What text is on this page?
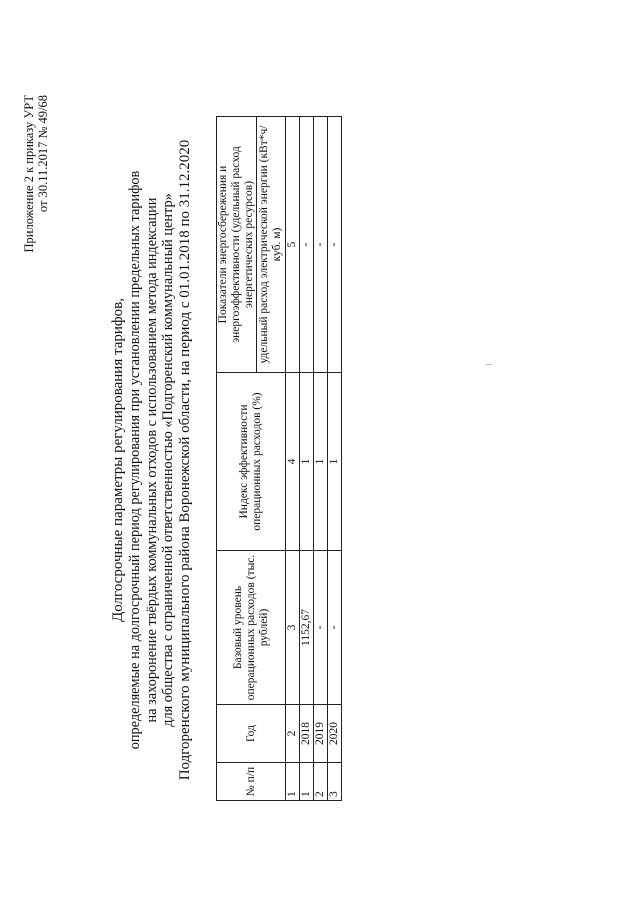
Приложение 2 к приказу УРТ от 30.11.2017 № 49/68
Долгосрочные параметры регулирования тарифов, определяемые на долгосрочный период регулирования при установлении предельных тарифов на захоронение твёрдых коммунальных отходов с использованием метода индексации для общества с ограниченной ответственностью «Подгоренский коммунальный центр» Подгоренского муниципального района Воронежской области, на период с 01.01.2018 по 31.12.2020
№ п/п	Год	Базовый уровень операционных расходов (тыс. рублей)	Индекс эффективности операционных расходов (%)	Показатели энергосбережения и энергоэффективности (удельный расход энергетических ресурсов)
				удельный расход электрической энергии (кВт*ч/куб. м)
1	2	3	4	5
1	2018	1152,67	1	-
2	2019	-	1	-
3	2020	-	1	-
